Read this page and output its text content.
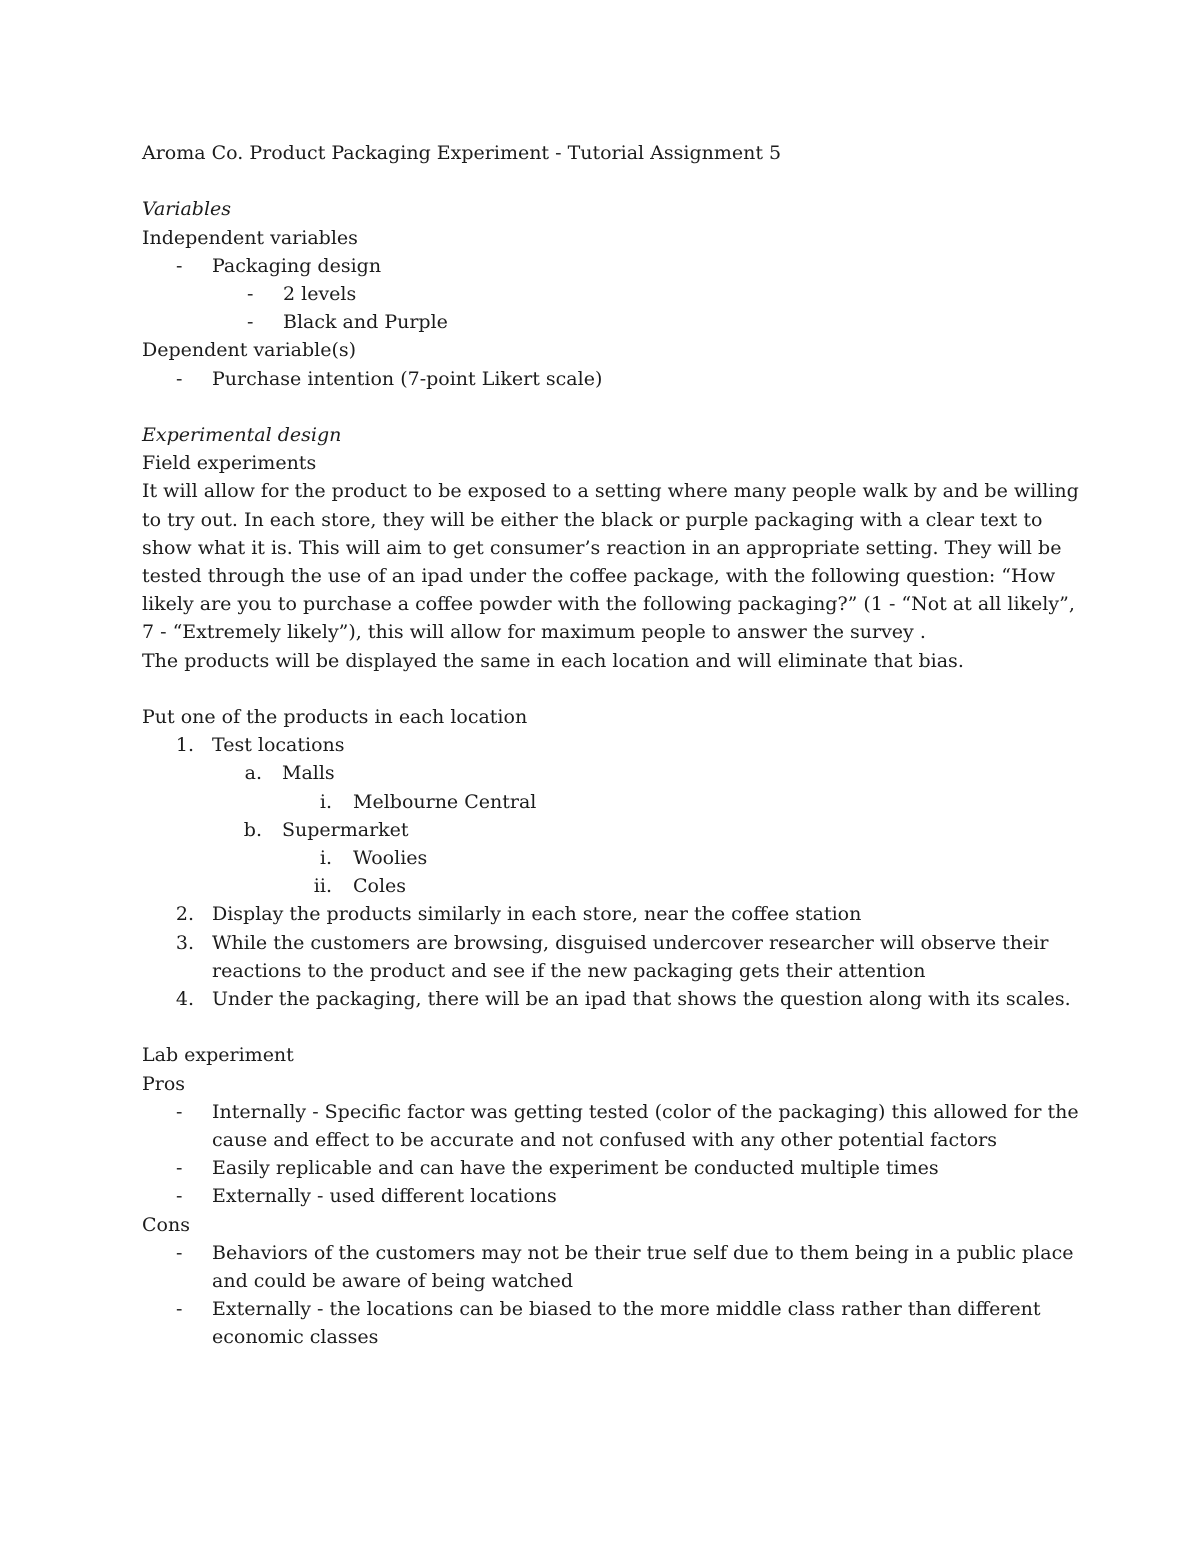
Aroma Co. Product Packaging Experiment - Tutorial Assignment 5

Variables

Independent variables

- Packaging design
- 2 levels
- Black and Purple

Dependent variable(s)

- Purchase intention (7-point Likert scale)

Experimental design

Field experiments

It will allow for the product to be exposed to a setting where many people walk by and be willing

to try out. In each store, they will be either the black or purple packaging with a clear text to

show what it is. This will aim to get consumer’s reaction in an appropriate setting. They will be

tested through the use of an ipad under the coffee package, with the following question: “How

likely are you to purchase a coffee powder with the following packaging?” (1 - “Not at all likely”,

7 - “Extremely likely”), this will allow for maximum people to answer the survey .

The products will be displayed the same in each location and will eliminate that bias.

Put one of the products in each location

1. Test locations
a. Malls
i. Melbourne Central
b. Supermarket
i. Woolies
ii. Coles
2. Display the products similarly in each store, near the coffee station
3. While the customers are browsing, disguised undercover researcher will observe their
reactions to the product and see if the new packaging gets their attention
4. Under the packaging, there will be an ipad that shows the question along with its scales.

Lab experiment

Pros

- Internally - Specific factor was getting tested (color of the packaging) this allowed for the
cause and effect to be accurate and not confused with any other potential factors
- Easily replicable and can have the experiment be conducted multiple times
- Externally - used different locations

Cons

- Behaviors of the customers may not be their true self due to them being in a public place
and could be aware of being watched
- Externally - the locations can be biased to the more middle class rather than different
economic classes
